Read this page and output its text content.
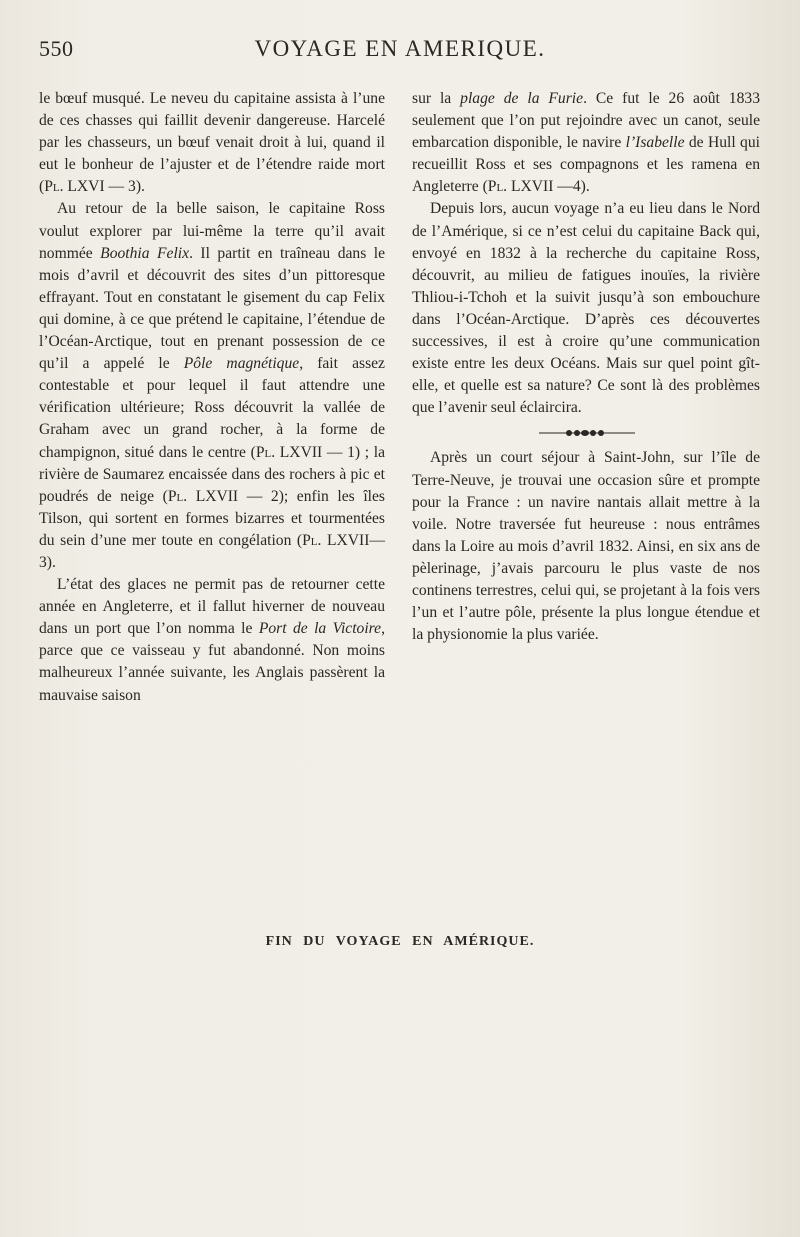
550	VOYAGE EN AMERIQUE.

le bœuf musqué. Le neveu du capitaine assista à l’une de ces chasses qui faillit devenir dangereuse. Harcelé par les chasseurs, un bœuf venait droit à lui, quand il eut le bonheur de l’ajuster et de l’étendre raide mort (Pl. LXVI — 3).

Au retour de la belle saison, le capitaine Ross voulut explorer par lui-même la terre qu’il avait nommée Boothia Felix. Il partit en traîneau dans le mois d’avril et découvrit des sites d’un pittoresque effrayant. Tout en constatant le gisement du cap Felix qui domine, à ce que prétend le capitaine, l’étendue de l’Océan-Arctique, tout en prenant possession de ce qu’il a appelé le Pôle magnétique, fait assez contestable et pour lequel il faut attendre une vérification ultérieure; Ross découvrit la vallée de Graham avec un grand rocher, à la forme de champignon, situé dans le centre (Pl. LXVII — 1) ; la rivière de Saumarez encaissée dans des rochers à pic et poudrés de neige (Pl. LXVII — 2); enfin les îles Tilson, qui sortent en formes bizarres et tourmentées du sein d’une mer toute en congélation (Pl. LXVII—3).

L’état des glaces ne permit pas de retourner cette année en Angleterre, et il fallut hiverner de nouveau dans un port que l’on nomma le Port de la Victoire, parce que ce vaisseau y fut abandonné. Non moins malheureux l’année suivante, les Anglais passèrent la mauvaise saison

sur la plage de la Furie. Ce fut le 26 août 1833 seulement que l’on put rejoindre avec un canot, seule embarcation disponible, le navire l’Isabelle de Hull qui recueillit Ross et ses compagnons et les ramena en Angleterre (Pl. LXVII —4).

Depuis lors, aucun voyage n’a eu lieu dans le Nord de l’Amérique, si ce n’est celui du capitaine Back qui, envoyé en 1832 à la recherche du capitaine Ross, découvrit, au milieu de fatigues inouïes, la rivière Thliou-i-Tchoh et la suivit jusqu’à son embouchure dans l’Océan-Arctique. D’après ces découvertes successives, il est à croire qu’une communication existe entre les deux Océans. Mais sur quel point gît-elle, et quelle est sa nature? Ce sont là des problèmes que l’avenir seul éclaircira.

Après un court séjour à Saint-John, sur l’île de Terre-Neuve, je trouvai une occasion sûre et prompte pour la France : un navire nantais allait mettre à la voile. Notre traversée fut heureuse : nous entrâmes dans la Loire au mois d’avril 1832. Ainsi, en six ans de pèlerinage, j’avais parcouru le plus vaste de nos continens terrestres, celui qui, se projetant à la fois vers l’un et l’autre pôle, présente la plus longue étendue et la physionomie la plus variée.

FIN DU VOYAGE EN AMÉRIQUE.
